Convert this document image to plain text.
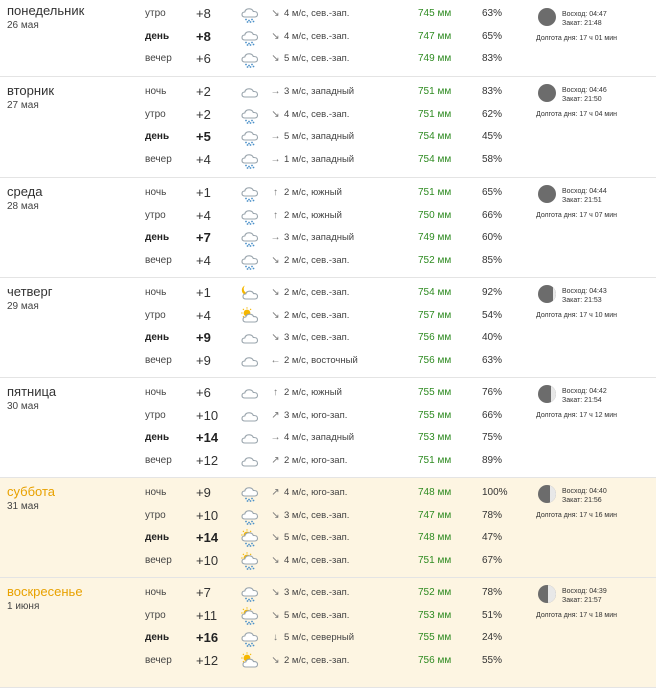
понедельник
26 мая
утро +8	↘ 4 м/с, сев.-зап.	745 мм	63%
день +8	↘ 4 м/с, сев.-зап.	747 мм	65%
вечер +6	↘ 5 м/с, сев.-зап.	749 мм	83%
Восход: 04:47
Закат: 21:48
Долгота дня: 17 ч 01 мин
вторник
27 мая
ночь +2	→ 3 м/с, западный	751 мм	83%
утро +2	↘ 4 м/с, сев.-зап.	751 мм	62%
день +5	→ 5 м/с, западный	754 мм	45%
вечер +4	→ 1 м/с, западный	754 мм	58%
Восход: 04:46
Закат: 21:50
Долгота дня: 17 ч 04 мин
среда
28 мая
ночь +1	↑ 2 м/с, южный	751 мм	65%
утро +4	↑ 2 м/с, южный	750 мм	66%
день +7	→ 3 м/с, западный	749 мм	60%
вечер +4	↘ 2 м/с, сев.-зап.	752 мм	85%
Восход: 04:44
Закат: 21:51
Долгота дня: 17 ч 07 мин
четверг
29 мая
ночь +1	↘ 2 м/с, сев.-зап.	754 мм	92%
утро +4	↘ 2 м/с, сев.-зап.	757 мм	54%
день +9	↘ 3 м/с, сев.-зап.	756 мм	40%
вечер +9	← 2 м/с, восточный	756 мм	63%
Восход: 04:43
Закат: 21:53
Долгота дня: 17 ч 10 мин
пятница
30 мая
ночь +6	↑ 2 м/с, южный	755 мм	76%
утро +10	↗ 3 м/с, юго-зап.	755 мм	66%
день +14	→ 4 м/с, западный	753 мм	75%
вечер +12	↗ 2 м/с, юго-зап.	751 мм	89%
Восход: 04:42
Закат: 21:54
Долгота дня: 17 ч 12 мин
суббота
31 мая
ночь +9	↗ 4 м/с, юго-зап.	748 мм	100%
утро +10	↘ 3 м/с, сев.-зап.	747 мм	78%
день +14	↘ 5 м/с, сев.-зап.	748 мм	47%
вечер +10	↘ 4 м/с, сев.-зап.	751 мм	67%
Восход: 04:40
Закат: 21:56
Долгота дня: 17 ч 16 мин
воскресенье
1 июня
ночь +7	↘ 3 м/с, сев.-зап.	752 мм	78%
утро +11	↘ 5 м/с, сев.-зап.	753 мм	51%
день +16	↓ 5 м/с, северный	755 мм	24%
вечер +12	↘ 2 м/с, сев.-зап.	756 мм	55%
Восход: 04:39
Закат: 21:57
Долгота дня: 17 ч 18 мин
